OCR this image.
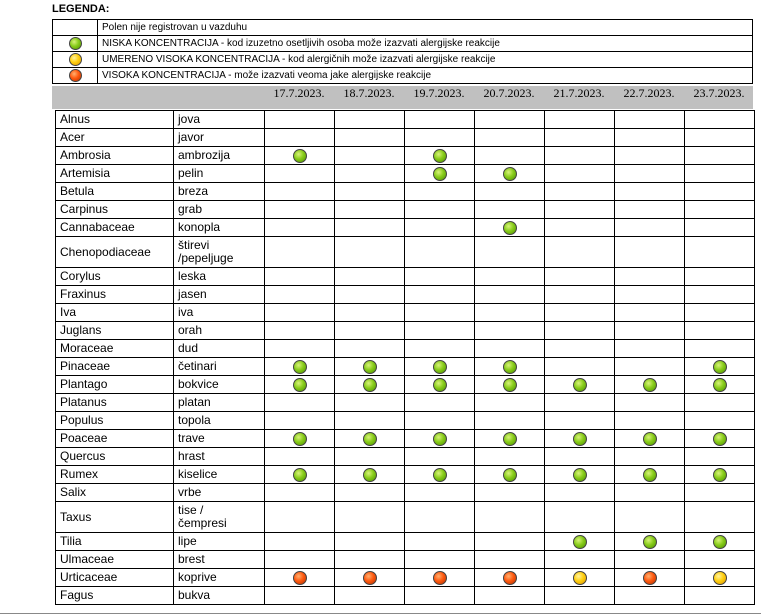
LEGENDA:
	Polen nije registrovan u vazduhu
	NISKA KONCENTRACIJA - kod izuzetno osetljivih osoba može izazvati alergijske reakcije
	UMERENO VISOKA KONCENTRACIJA - kod alergičnih može izazvati alergijske reakcije
	VISOKA KONCENTRACIJA - može izazvati veoma jake alergijske reakcije
17.7.2023.	18.7.2023.	19.7.2023.	20.7.2023.	21.7.2023.	22.7.2023.	23.7.2023.
Alnus	jova							
Acer	javor							
Ambrosia	ambrozija							
Artemisia	pelin							
Betula	breza							
Carpinus	grab							
Cannabaceae	konopla							
Chenopodiaceae	štirevi
/pepeljuge							
Corylus	leska							
Fraxinus	jasen							
Iva	iva							
Juglans	orah							
Moraceae	dud							
Pinaceae	četinari							
Plantago	bokvice							
Platanus	platan							
Populus	topola							
Poaceae	trave							
Quercus	hrast							
Rumex	kiselice							
Salix	vrbe							
Taxus	tise /
čempresi							
Tilia	lipe							
Ulmaceae	brest							
Urticaceae	koprive							
Fagus	bukva							
